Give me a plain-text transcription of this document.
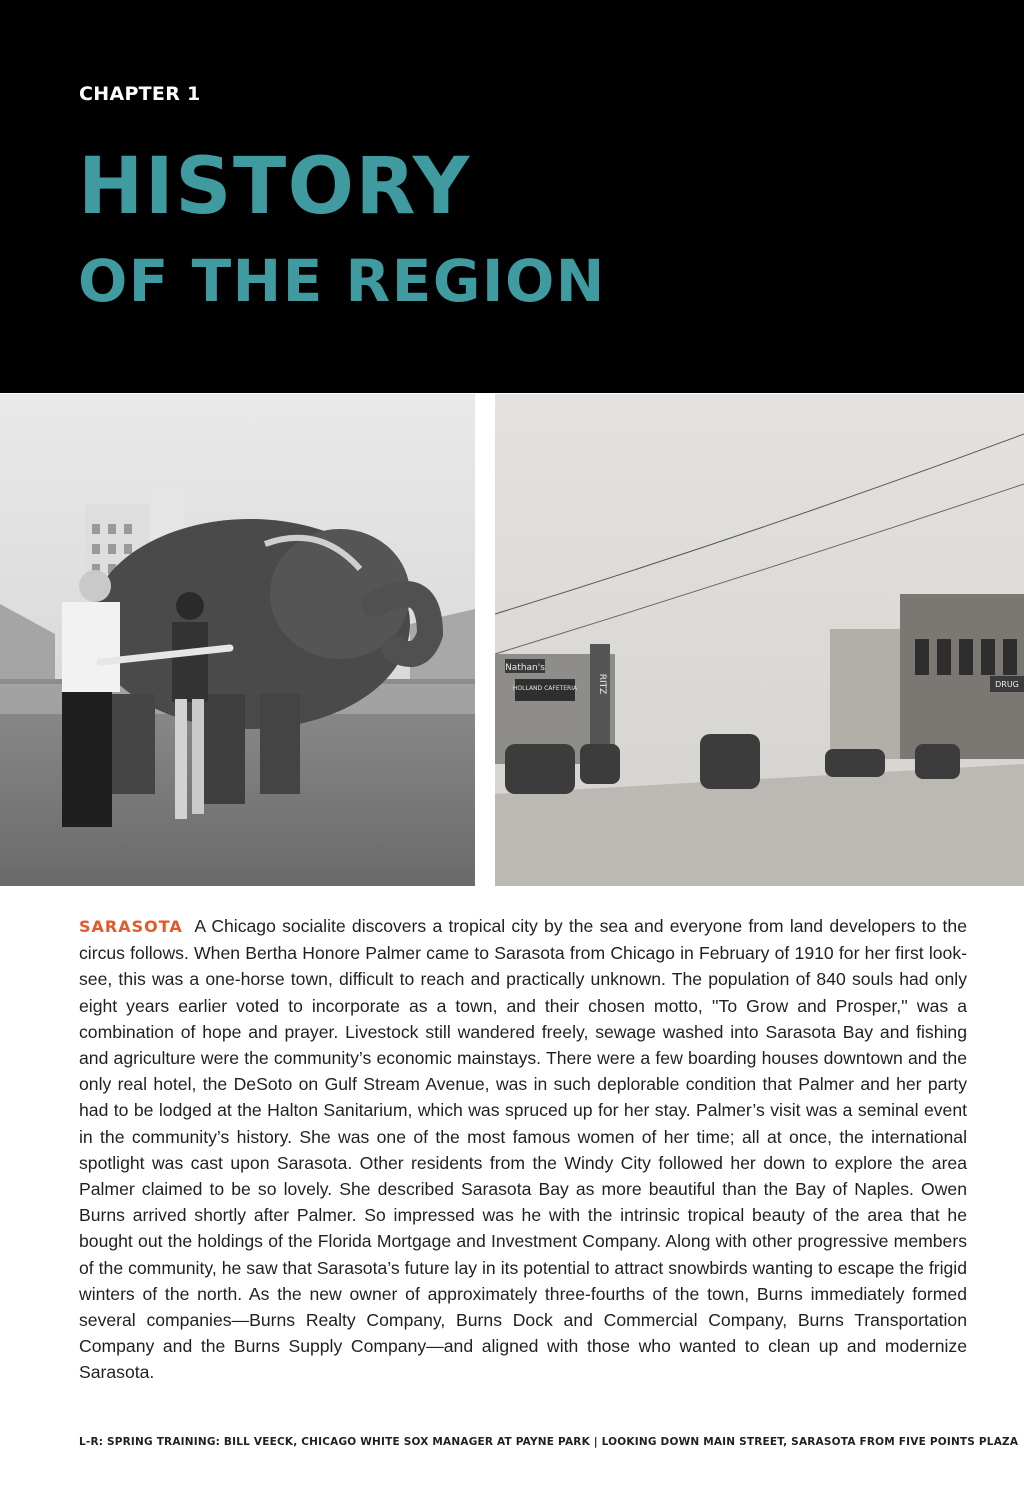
CHAPTER 1
HISTORY
OF THE REGION
Nathan's
HOLLAND CAFETERIA RITZ	DRUG
SARASOTA A Chicago socialite discovers a tropical city by the sea and everyone from land developers to the circus follows. When Bertha Honore Palmer came to Sarasota from Chicago in February of 1910 for her first look-see, this was a one-horse town, difficult to reach and practically unknown. The population of 840 souls had only eight years earlier voted to incorporate as a town, and their chosen motto, ''To Grow and Prosper,'' was a combination of hope and prayer. Livestock still wandered freely, sewage washed into Sarasota Bay and fishing and agriculture were the community’s economic mainstays. There were a few boarding houses downtown and the only real hotel, the DeSoto on Gulf Stream Avenue, was in such deplorable condition that Palmer and her party had to be lodged at the Halton Sanitarium, which was spruced up for her stay. Palmer’s visit was a seminal event in the community’s history. She was one of the most famous women of her time; all at once, the international spotlight was cast upon Sarasota. Other residents from the Windy City followed her down to explore the area Palmer claimed to be so lovely. She described Sarasota Bay as more beautiful than the Bay of Naples. Owen Burns arrived shortly after Palmer. So impressed was he with the intrinsic tropical beauty of the area that he bought out the holdings of the Florida Mortgage and Investment Company. Along with other progressive members of the community, he saw that Sarasota’s future lay in its potential to attract snowbirds wanting to escape the frigid winters of the north. As the new owner of approximately three-fourths of the town, Burns immediately formed several companies—Burns Realty Company, Burns Dock and Commercial Company, Burns Transportation Company and the Burns Supply Company—and aligned with those who wanted to clean up and modernize Sarasota.
L-R: SPRING TRAINING: BILL VEECK, CHICAGO WHITE SOX MANAGER AT PAYNE PARK | LOOKING DOWN MAIN STREET, SARASOTA FROM FIVE POINTS PLAZA
